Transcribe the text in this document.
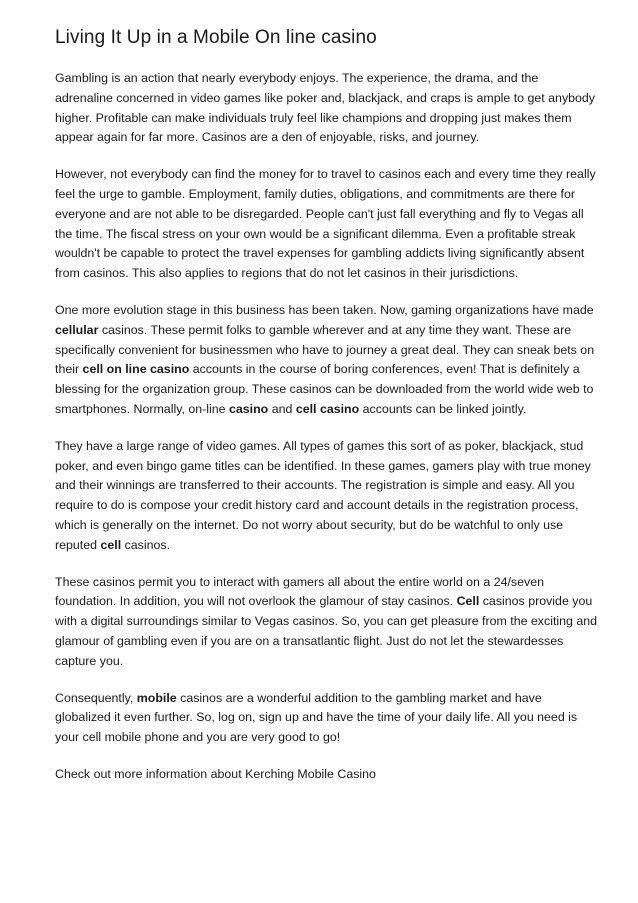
Living It Up in a Mobile On line casino

Gambling is an action that nearly everybody enjoys. The experience, the drama, and the adrenaline concerned in video games like poker and, blackjack, and craps is ample to get anybody higher. Profitable can make individuals truly feel like champions and dropping just makes them appear again for far more. Casinos are a den of enjoyable, risks, and journey.

However, not everybody can find the money for to travel to casinos each and every time they really feel the urge to gamble. Employment, family duties, obligations, and commitments are there for everyone and are not able to be disregarded. People can't just fall everything and fly to Vegas all the time. The fiscal stress on your own would be a significant dilemma. Even a profitable streak wouldn't be capable to protect the travel expenses for gambling addicts living significantly absent from casinos. This also applies to regions that do not let casinos in their jurisdictions.

One more evolution stage in this business has been taken. Now, gaming organizations have made cellular casinos. These permit folks to gamble wherever and at any time they want. These are specifically convenient for businessmen who have to journey a great deal. They can sneak bets on their cell on line casino accounts in the course of boring conferences, even! That is definitely a blessing for the organization group. These casinos can be downloaded from the world wide web to smartphones. Normally, on-line casino and cell casino accounts can be linked jointly.

They have a large range of video games. All types of games this sort of as poker, blackjack, stud poker, and even bingo game titles can be identified. In these games, gamers play with true money and their winnings are transferred to their accounts. The registration is simple and easy. All you require to do is compose your credit history card and account details in the registration process, which is generally on the internet. Do not worry about security, but do be watchful to only use reputed cell casinos.

These casinos permit you to interact with gamers all about the entire world on a 24/seven foundation. In addition, you will not overlook the glamour of stay casinos. Cell casinos provide you with a digital surroundings similar to Vegas casinos. So, you can get pleasure from the exciting and glamour of gambling even if you are on a transatlantic flight. Just do not let the stewardesses capture you.

Consequently, mobile casinos are a wonderful addition to the gambling market and have globalized it even further. So, log on, sign up and have the time of your daily life. All you need is your cell mobile phone and you are very good to go!

Check out more information about Kerching Mobile Casino
